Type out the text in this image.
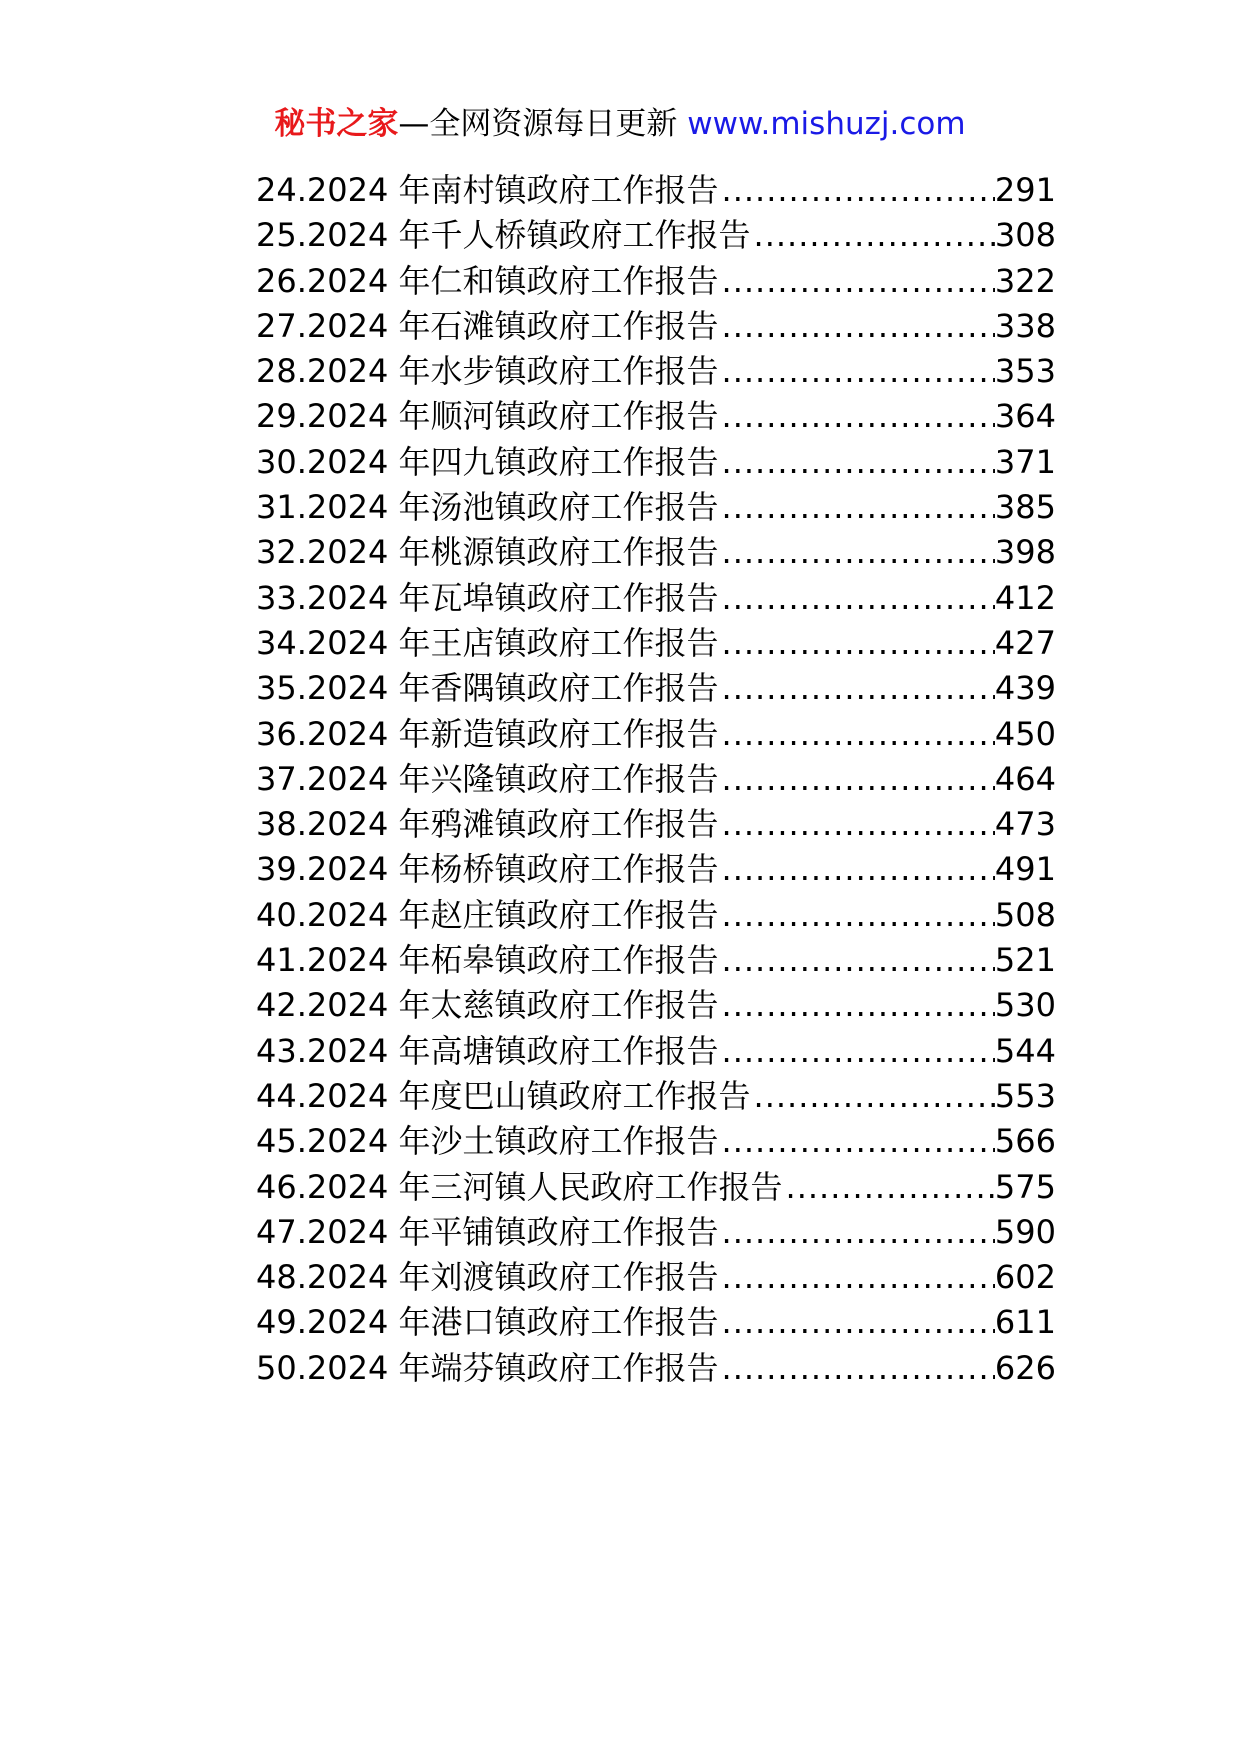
秘书之家—全网资源每日更新 www.mishuzj.com
24.2024 年南村镇政府工作报告 .....	291
25.2024 年千人桥镇政府工作报告 .....	308
26.2024 年仁和镇政府工作报告 .....	322
27.2024 年石滩镇政府工作报告 .....	338
28.2024 年水步镇政府工作报告 .....	353
29.2024 年顺河镇政府工作报告 .....	364
30.2024 年四九镇政府工作报告 .....	371
31.2024 年汤池镇政府工作报告 .....	385
32.2024 年桃源镇政府工作报告 .....	398
33.2024 年瓦埠镇政府工作报告 .....	412
34.2024 年王店镇政府工作报告 .....	427
35.2024 年香隅镇政府工作报告 .....	439
36.2024 年新造镇政府工作报告 .....	450
37.2024 年兴隆镇政府工作报告 .....	464
38.2024 年鸦滩镇政府工作报告 .....	473
39.2024 年杨桥镇政府工作报告 .....	491
40.2024 年赵庄镇政府工作报告 .....	508
41.2024 年柘皋镇政府工作报告 .....	521
42.2024 年太慈镇政府工作报告 .....	530
43.2024 年高塘镇政府工作报告 .....	544
44.2024 年度巴山镇政府工作报告 .....	553
45.2024 年沙土镇政府工作报告 .....	566
46.2024 年三河镇人民政府工作报告 .....	575
47.2024 年平铺镇政府工作报告 .....	590
48.2024 年刘渡镇政府工作报告 .....	602
49.2024 年港口镇政府工作报告 .....	611
50.2024 年端芬镇政府工作报告 .....	626
